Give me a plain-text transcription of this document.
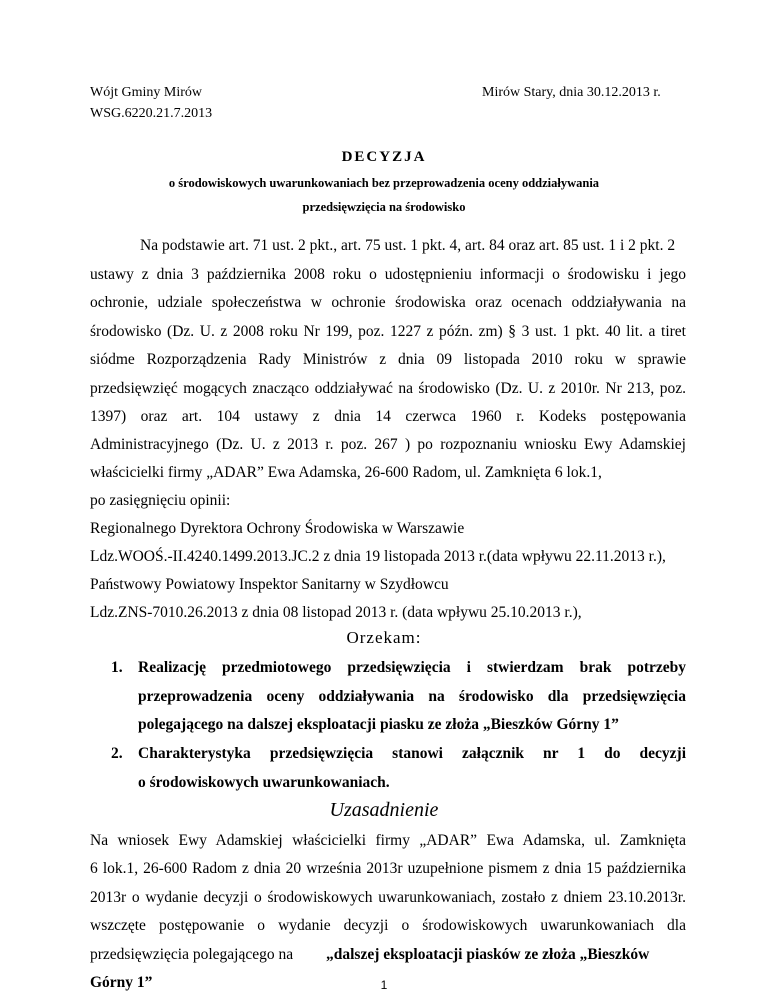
Wójt Gminy Mirów	Mirów Stary, dnia 30.12.2013 r.
WSG.6220.21.7.2013
DECYZJA
o środowiskowych uwarunkowaniach bez przeprowadzenia oceny oddziaływania
przedsięwzięcia na środowisko
Na podstawie art. 71 ust. 2 pkt., art. 75 ust. 1 pkt. 4, art. 84 oraz art. 85 ust. 1 i 2 pkt. 2
ustawy z dnia 3 października 2008 roku o udostępnieniu informacji o środowisku i jego
ochronie, udziale społeczeństwa w ochronie środowiska oraz ocenach oddziaływania na
środowisko (Dz. U. z 2008 roku Nr 199, poz. 1227 z późn. zm) § 3 ust. 1 pkt. 40 lit. a tiret
siódme Rozporządzenia Rady Ministrów z dnia 09 listopada 2010 roku w sprawie
przedsięwzięć mogących znacząco oddziaływać na środowisko (Dz. U. z 2010r. Nr 213, poz.
1397) oraz art. 104 ustawy z dnia 14 czerwca 1960 r. Kodeks postępowania
Administracyjnego (Dz. U. z 2013 r. poz. 267 ) po rozpoznaniu wniosku Ewy Adamskiej
właścicielki firmy „ADAR” Ewa Adamska, 26-600 Radom, ul. Zamknięta 6 lok.1,
po zasięgnięciu opinii:
Regionalnego Dyrektora Ochrony Środowiska w Warszawie
Ldz.WOOŚ.-II.4240.1499.2013.JC.2 z dnia 19 listopada 2013 r.(data wpływu 22.11.2013 r.),
Państwowy Powiatowy Inspektor Sanitarny w Szydłowcu
Ldz.ZNS-7010.26.2013 z dnia 08 listopad 2013 r. (data wpływu 25.10.2013 r.),
Orzekam:
1. Realizację przedmiotowego przedsięwzięcia i stwierdzam brak potrzeby
przeprowadzenia oceny oddziaływania na środowisko dla przedsięwzięcia
polegającego na dalszej eksploatacji piasku ze złoża „Bieszków Górny 1”
2. Charakterystyka przedsięwzięcia stanowi załącznik nr 1 do decyzji
o środowiskowych uwarunkowaniach.
Uzasadnienie
Na wniosek Ewy Adamskiej właścicielki firmy „ADAR” Ewa Adamska, ul. Zamknięta
6 lok.1, 26-600 Radom z dnia 20 września 2013r uzupełnione pismem z dnia 15 października
2013r o wydanie decyzji o środowiskowych uwarunkowaniach, zostało z dniem 23.10.2013r.
wszczęte postępowanie o wydanie decyzji o środowiskowych uwarunkowaniach dla
przedsięwzięcia polegającego na „dalszej eksploatacji piasków ze złoża „Bieszków
Górny 1”	1
